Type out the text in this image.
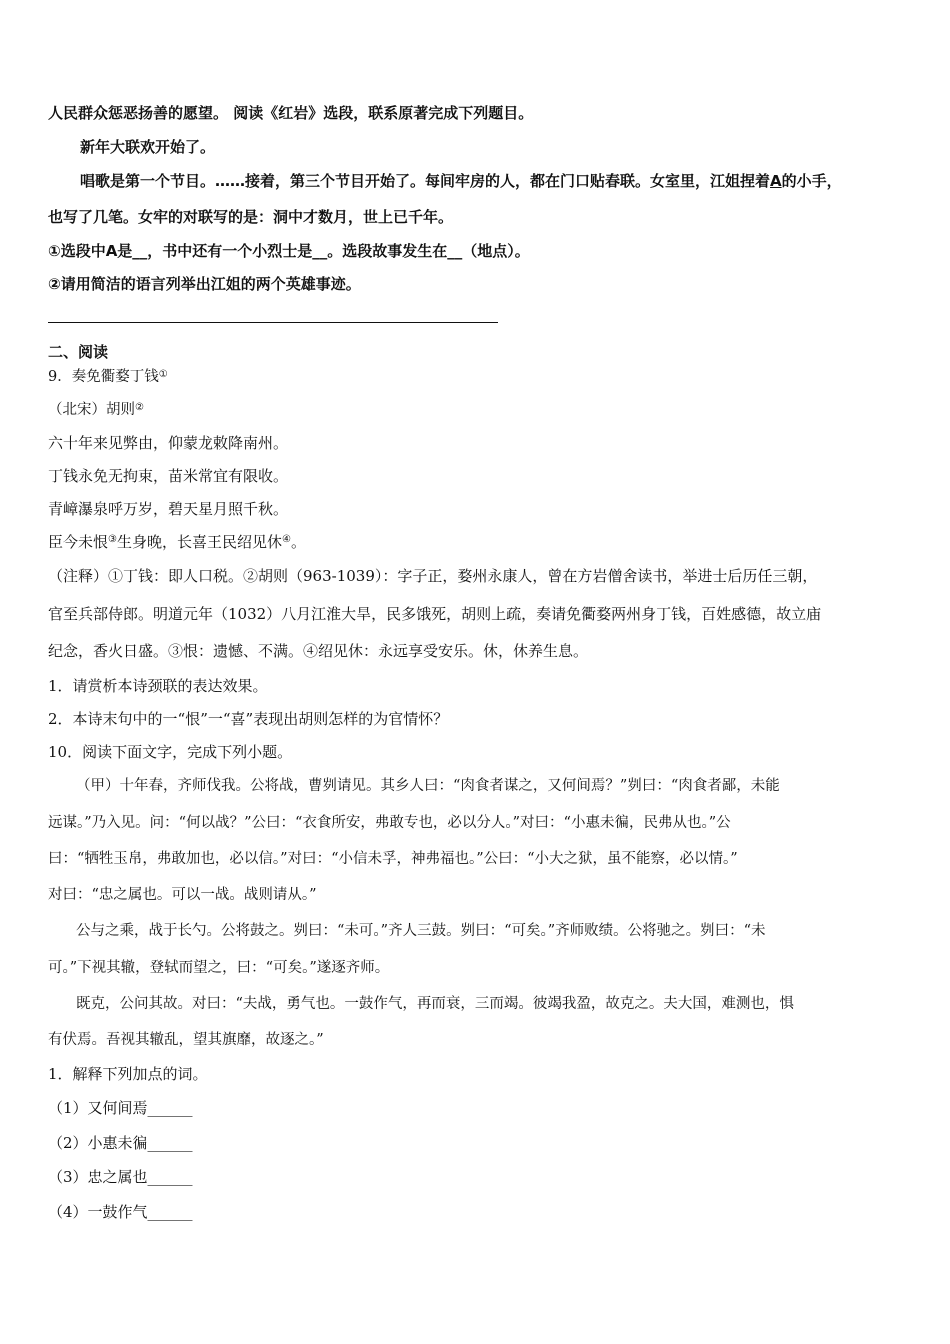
人民群众惩恶扬善的愿望。 阅读《红岩》选段，联系原著完成下列题目。
新年大联欢开始了。
唱歌是第一个节目。……接着，第三个节目开始了。每间牢房的人，都在门口贴春联。女室里，江姐捏着A的小手，
也写了几笔。女牢的对联写的是：洞中才数月，世上已千年。
①选段中A是__，书中还有一个小烈士是__。选段故事发生在__（地点）。
②请用简洁的语言列举出江姐的两个英雄事迹。
二、阅读
9．奏免衢婺丁钱①
（北宋）胡则②
六十年来见弊由，仰蒙龙敕降南州。
丁钱永免无拘束，苗米常宜有限收。
青嶂瀑泉呼万岁，碧天星月照千秋。
臣今未恨③生身晚，长喜王民绍见休④。
（注释）①丁钱：即人口税。②胡则（963-1039）：字子正，婺州永康人，曾在方岩僧舍读书，举进士后历任三朝，
官至兵部侍郎。明道元年（1032）八月江淮大旱，民多饿死，胡则上疏，奏请免衢婺两州身丁钱，百姓感德，故立庙
纪念，香火日盛。③恨：遗憾、不满。④绍见休：永远享受安乐。休，休养生息。
1．请赏析本诗颈联的表达效果。
2．本诗末句中的一“恨”一“喜”表现出胡则怎样的为官情怀？
10．阅读下面文字，完成下列小题。
（甲）十年春，齐师伐我。公将战，曹刿请见。其乡人曰：“肉食者谋之，又何间焉？”刿曰：“肉食者鄙，未能
远谋。”乃入见。问：“何以战？”公曰：“衣食所安，弗敢专也，必以分人。”对曰：“小惠未徧，民弗从也。”公
曰：“牺牲玉帛，弗敢加也，必以信。”对曰：“小信未孚，神弗福也。”公曰：“小大之狱，虽不能察，必以情。”
对曰：“忠之属也。可以一战。战则请从。”
公与之乘，战于长勺。公将鼓之。刿曰：“未可。”齐人三鼓。刿曰：“可矣。”齐师败绩。公将驰之。刿曰：“未
可。”下视其辙，登轼而望之，曰：“可矣。”遂逐齐师。
既克，公问其故。对曰：“夫战，勇气也。一鼓作气，再而衰，三而竭。彼竭我盈，故克之。夫大国，难测也，惧
有伏焉。吾视其辙乱，望其旗靡，故逐之。”
1．解释下列加点的词。
（1）又何间焉______
（2）小惠未徧______
（3）忠之属也______
（4）一鼓作气______
